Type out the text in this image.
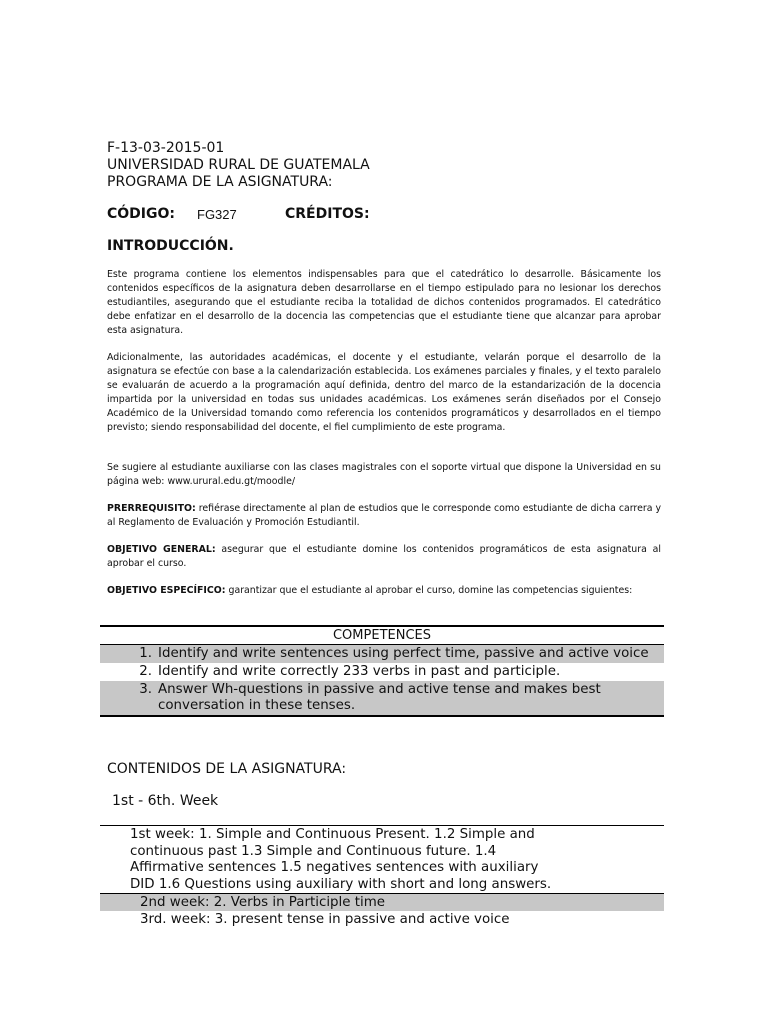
F-13-03-2015-01
UNIVERSIDAD RURAL DE GUATEMALA
PROGRAMA DE LA ASIGNATURA:
CÓDIGO: FG327	CRÉDITOS:
INTRODUCCIÓN.

Este programa contiene los elementos indispensables para que el catedrático lo desarrolle. Básicamente los contenidos específicos de la asignatura deben desarrollarse en el tiempo estipulado para no lesionar los derechos estudiantiles, asegurando que el estudiante reciba la totalidad de dichos contenidos programados. El catedrático debe enfatizar en el desarrollo de la docencia las competencias que el estudiante tiene que alcanzar para aprobar esta asignatura.

Adicionalmente, las autoridades académicas, el docente y el estudiante, velarán porque el desarrollo de la asignatura se efectúe con base a la calendarización establecida. Los exámenes parciales y finales, y el texto paralelo se evaluarán de acuerdo a la programación aquí definida, dentro del marco de la estandarización de la docencia impartida por la universidad en todas sus unidades académicas. Los exámenes serán diseñados por el Consejo Académico de la Universidad tomando como referencia los contenidos programáticos y desarrollados en el tiempo previsto; siendo responsabilidad del docente, el fiel cumplimiento de este programa.

Se sugiere al estudiante auxiliarse con las clases magistrales con el soporte virtual que dispone la Universidad en su página web: www.urural.edu.gt/moodle/

PRERREQUISITO: refiérase directamente al plan de estudios que le corresponde como estudiante de dicha carrera y al Reglamento de Evaluación y Promoción Estudiantil.

OBJETIVO GENERAL: asegurar que el estudiante domine los contenidos programáticos de esta asignatura al aprobar el curso.

OBJETIVO ESPECÍFICO: garantizar que el estudiante al aprobar el curso, domine las competencias siguientes:

COMPETENCES
1. Identify and write sentences using perfect time, passive and active voice
2. Identify and write correctly 233 verbs in past and participle.
3. Answer Wh-questions in passive and active tense and makes best conversation in these tenses.
CONTENIDOS DE LA ASIGNATURA:
1st - 6th. Week
1st week: 1. Simple and Continuous Present. 1.2 Simple and
continuous past 1.3 Simple and Continuous future. 1.4
Affirmative sentences 1.5 negatives sentences with auxiliary
DID 1.6 Questions using auxiliary with short and long answers.
2nd week: 2. Verbs in Participle time
3rd. week: 3. present tense in passive and active voice
